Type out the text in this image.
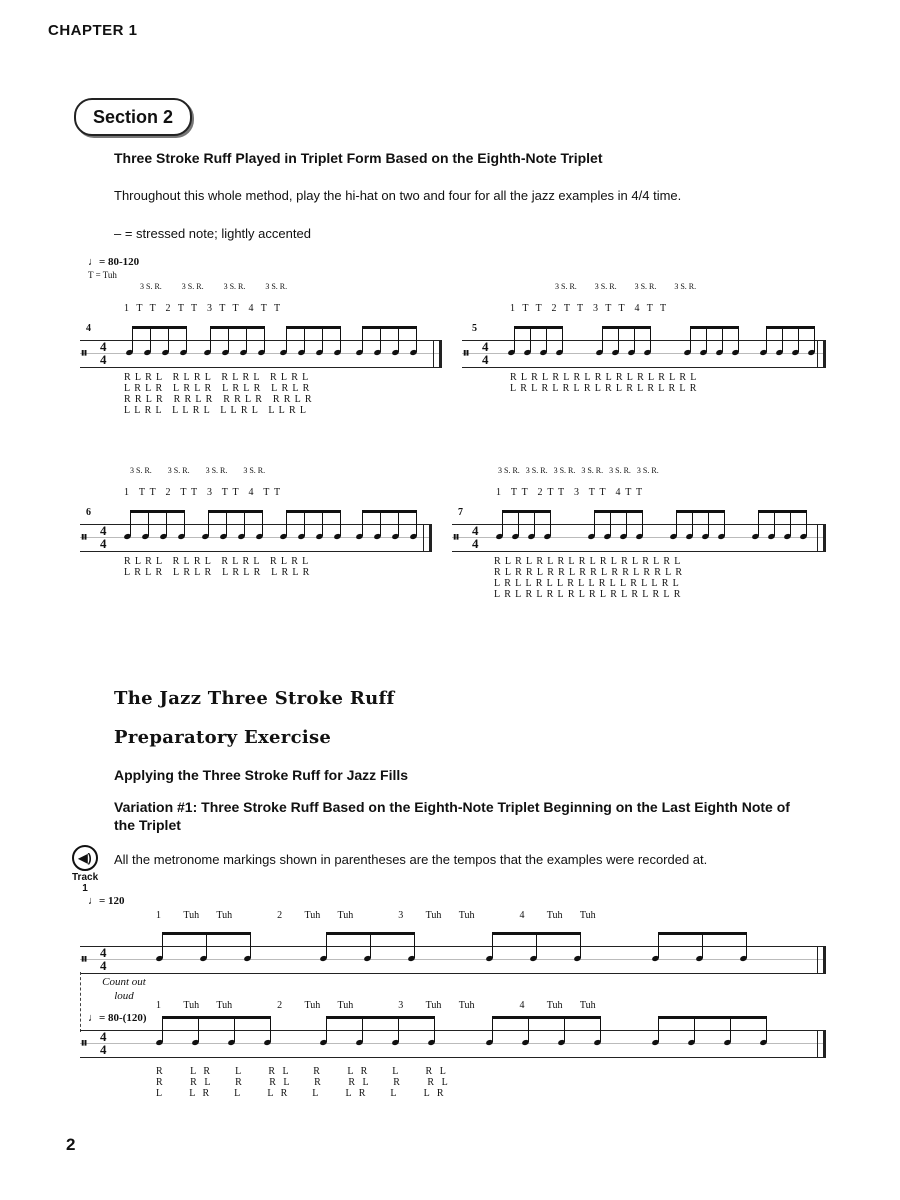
CHAPTER 1
Section 2
Three Stroke Ruff Played in Triplet Form Based on the Eighth-Note Triplet
Throughout this whole method, play the hi-hat on two and four for all the jazz examples in 4/4 time.
– = stressed note; lightly accented
♩= 80-120
T = Tuh
3 S. R.          3 S. R.          3 S. R.          3 S. R.
1   T   T    2   T   T    3   T   T    4   T   T
4
𝄥 4
4
RLRL RLRL RLRL RLRL
LRLR LRLR LRLR LRLR
RRLR RRLR RRLR RRLR
LLRL LLRL LLRL LLRL
3 S. R.         3 S. R.         3 S. R.         3 S. R.
1   T   T    2   T   T    3   T   T    4   T   T
5
𝄥 4
4
RLRLRLRLRLRLRLRLRL
LRLRLRLRLRLRLRLRLR
3 S. R.        3 S. R.        3 S. R.        3 S. R.
1    T  T    2    T  T    3    T  T    4    T  T
6
𝄥 4
4
RLRL RLRL RLRL RLRL
LRLR LRLR LRLR LRLR
3 S. R.   3 S. R.   3 S. R.   3 S. R.   3 S. R.   3 S. R.
1    T  T    2  T  T    3    T  T    4  T  T
7
𝄥 4
4
RLRLRLRLRLRLRLRLRL
RLRRLRRLRRLRRLRRLR
LRLLRLLRLLRLLRLLRL
LRLRLRLRLRLRLRLRLR
The Jazz Three Stroke Ruff
Preparatory Exercise
Applying the Three Stroke Ruff for Jazz Fills
Variation #1: Three Stroke Ruff Based on the Eighth-Note Triplet Beginning on the Last Eighth Note of the Triplet
◀)
Track 1
All the metronome markings shown in parentheses are the tempos that the examples were recorded at.
♩= 120
1         Tuh       Tuh                  2         Tuh       Tuh                  3         Tuh       Tuh                  4         Tuh       Tuh
𝄥 4
4
Count out loud
♩= 80-(120)
1         Tuh       Tuh                  2         Tuh       Tuh                  3         Tuh       Tuh                  4         Tuh       Tuh
𝄥 4
4
R           L   R          L           R   L          R           L   R          L           R   L
R           R   L          R           R   L          R           R   L          R           R   L
L           L   R          L           L   R          L           L   R          L           L   R
2
